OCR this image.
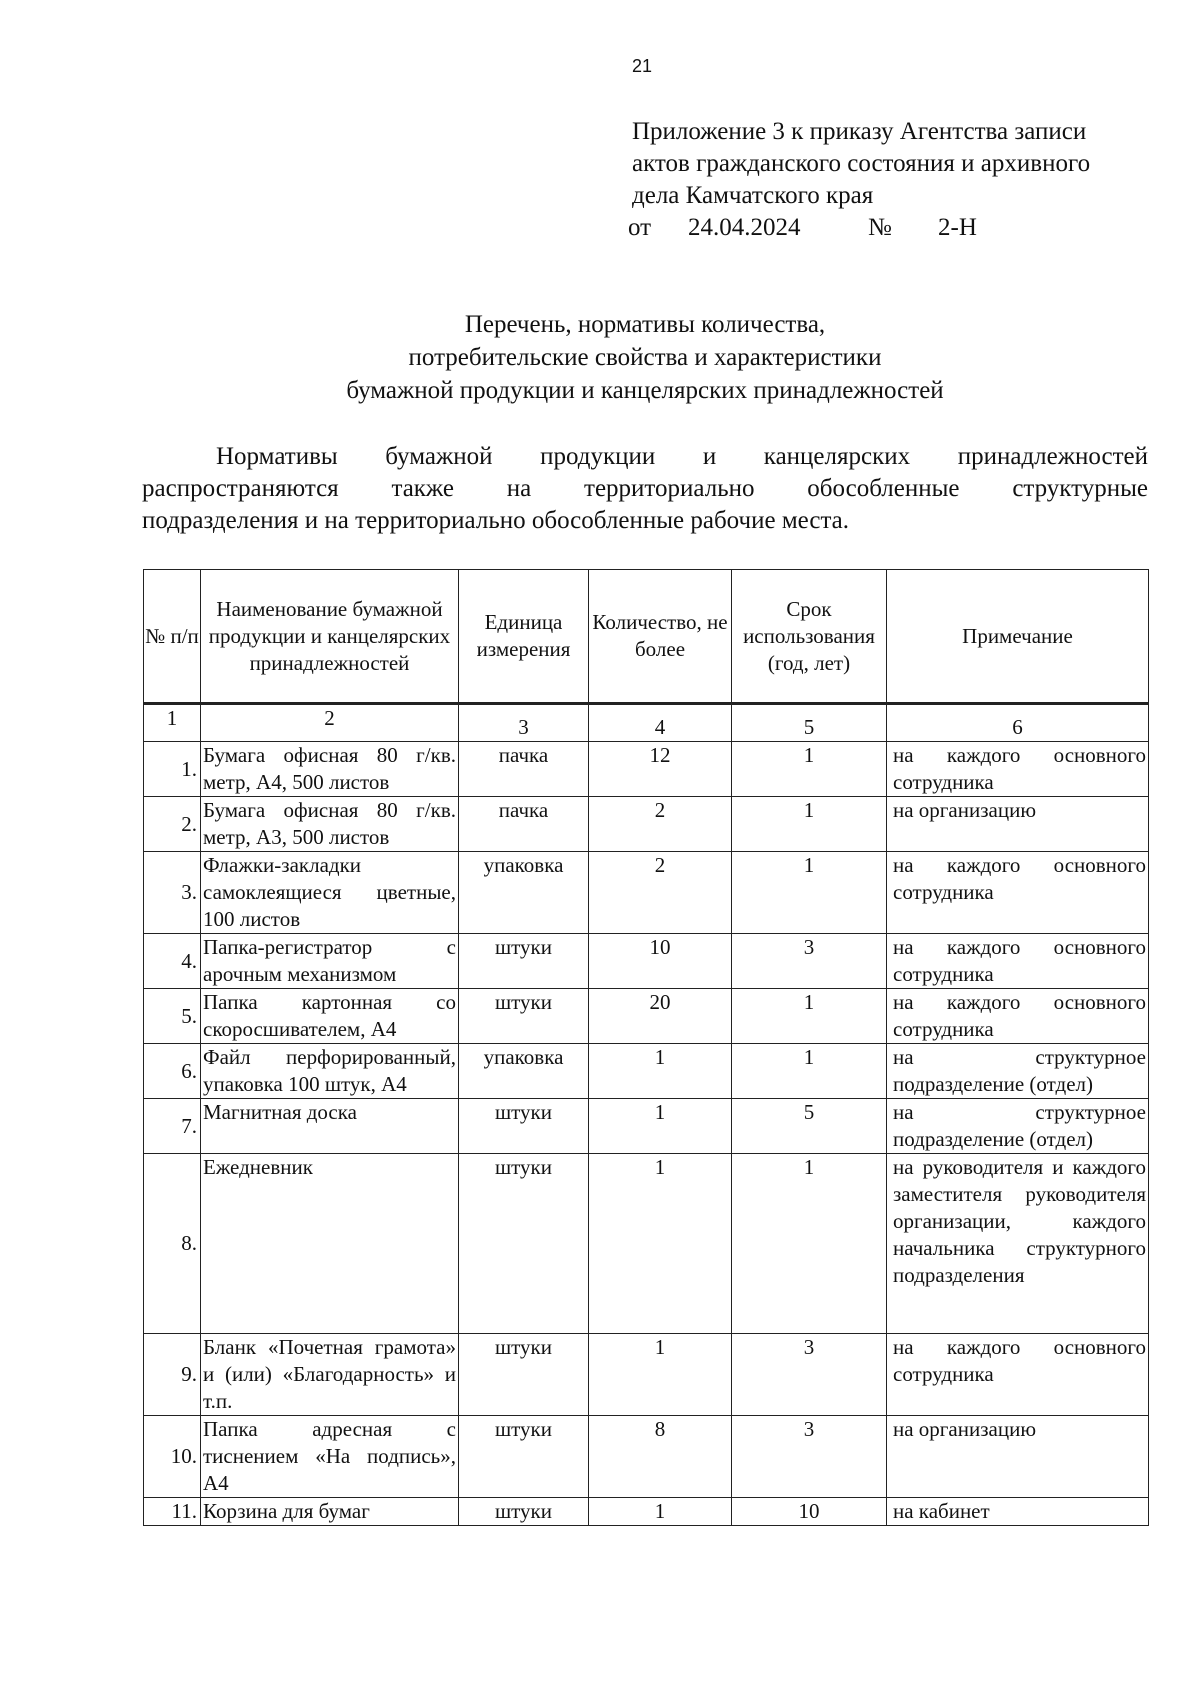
21
Приложение 3 к приказу Агентства записи
актов гражданского состояния и архивного
дела Камчатского края
от 24.04.2024	№ 2-Н
Перечень, нормативы количества,
потребительские свойства и характеристики
бумажной продукции и канцелярских принадлежностей
Нормативы бумажной продукции и канцелярских принадлежностей
распространяются также на территориально обособленные структурные
подразделения и на территориально обособленные рабочие места.
№ п/п	Наименование бумажной продукции и канцелярских принадлежностей	Единица измерения	Количество, не более	Срок использования (год, лет)	Примечание
1	2	3	4	5	6
1.	Бумага офисная 80 г/кв. метр, А4, 500 листов	пачка	12	1	на каждого основного сотрудника
2.	Бумага офисная 80 г/кв. метр, А3, 500 листов	пачка	2	1	на организацию
3.	Флажки-закладки самоклеящиеся цветные, 100 листов	упаковка	2	1	на каждого основного сотрудника
4.	Папка-регистратор с арочным механизмом	штуки	10	3	на каждого основного сотрудника
5.	Папка картонная со скоросшивателем, А4	штуки	20	1	на каждого основного сотрудника
6.	Файл перфорированный, упаковка 100 штук, А4	упаковка	1	1	на структурное подразделение (отдел)
7.	Магнитная доска	штуки	1	5	на структурное подразделение (отдел)
8.	Ежедневник	штуки	1	1	на руководителя и каждого заместителя руководителя организации, каждого начальника структурного подразделения
9.	Бланк «Почетная грамота» и (или) «Благодарность» и т.п.	штуки	1	3	на каждого основного сотрудника
10.	Папка адресная с тиснением «На подпись», А4	штуки	8	3	на организацию
11.	Корзина для бумаг	штуки	1	10	на кабинет
